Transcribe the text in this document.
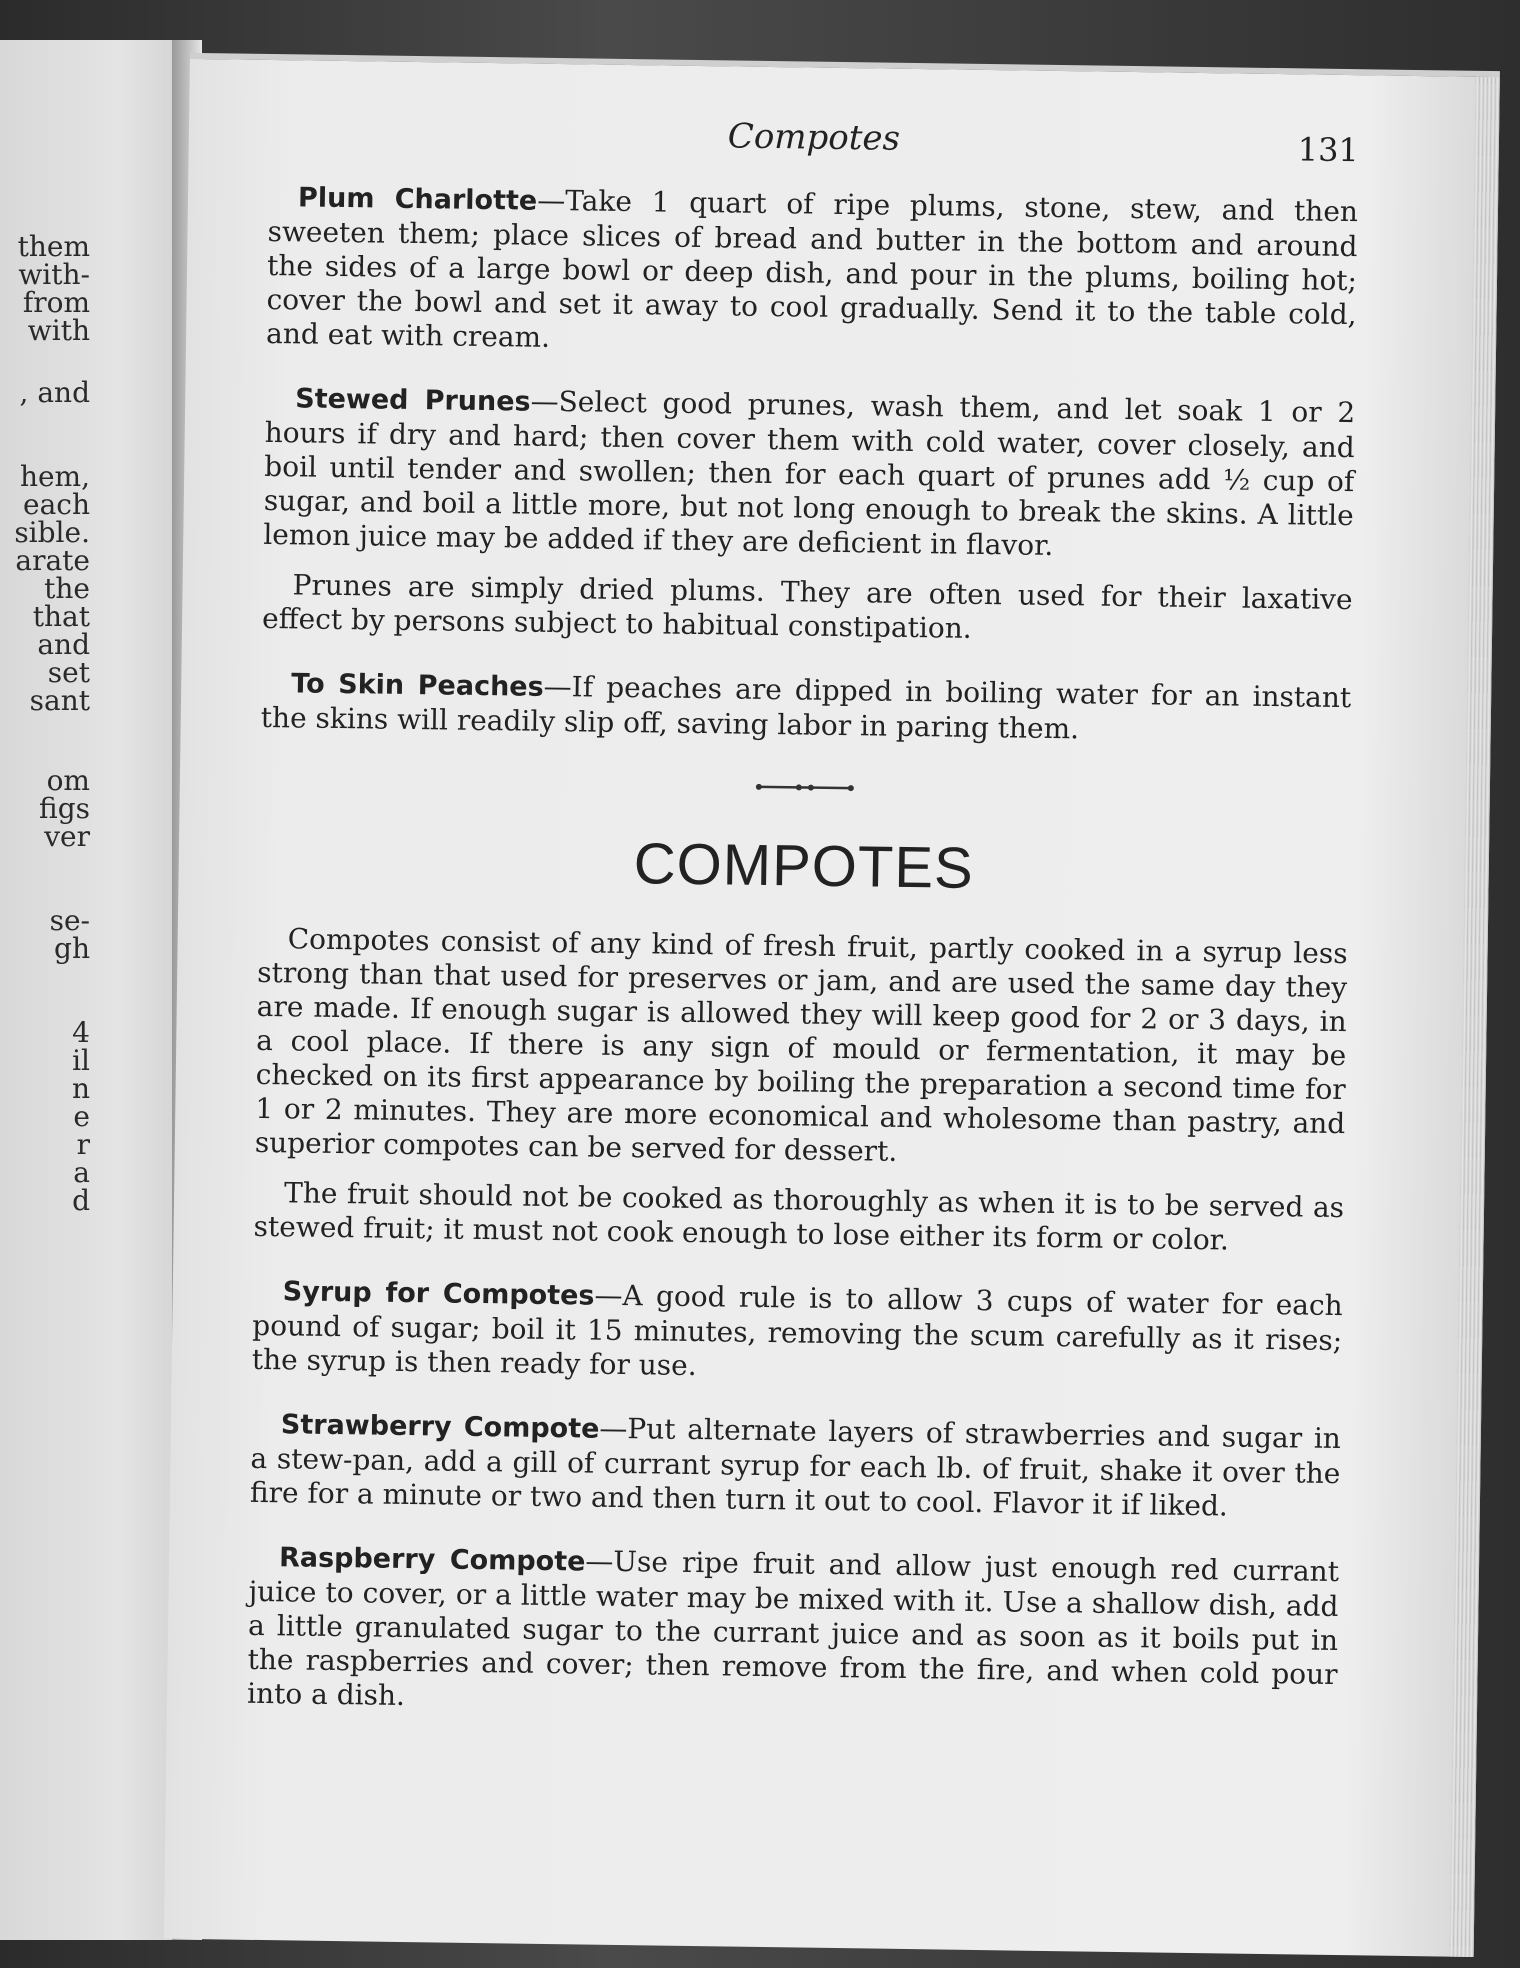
them
with-
from
with
, and
hem,
each
sible.
arate
the
that
and
set
sant
om
figs
ver
se-
gh
4
il
n
e
r
a
d
Compotes	131

Plum Charlotte—Take 1 quart of ripe plums, stone, stew, and then sweeten them; place slices of bread and butter in the bottom and around the sides of a large bowl or deep dish, and pour in the plums, boiling hot; cover the bowl and set it away to cool gradually. Send it to the table cold, and eat with cream.

Stewed Prunes—Select good prunes, wash them, and let soak 1 or 2 hours if dry and hard; then cover them with cold water, cover closely, and boil until tender and swollen; then for each quart of prunes add ½ cup of sugar, and boil a little more, but not long enough to break the skins. A little lemon juice may be added if they are deficient in flavor.

Prunes are simply dried plums. They are often used for their laxative effect by persons subject to habitual constipation.

To Skin Peaches—If peaches are dipped in boiling water for an instant the skins will readily slip off, saving labor in paring them.

COMPOTES

Compotes consist of any kind of fresh fruit, partly cooked in a syrup less strong than that used for preserves or jam, and are used the same day they are made. If enough sugar is allowed they will keep good for 2 or 3 days, in a cool place. If there is any sign of mould or fermentation, it may be checked on its first appearance by boiling the preparation a second time for 1 or 2 minutes. They are more economical and wholesome than pastry, and superior compotes can be served for dessert.

The fruit should not be cooked as thoroughly as when it is to be served as stewed fruit; it must not cook enough to lose either its form or color.

Syrup for Compotes—A good rule is to allow 3 cups of water for each pound of sugar; boil it 15 minutes, removing the scum carefully as it rises; the syrup is then ready for use.

Strawberry Compote—Put alternate layers of strawberries and sugar in a stew-pan, add a gill of currant syrup for each lb. of fruit, shake it over the fire for a minute or two and then turn it out to cool. Flavor it if liked.

Raspberry Compote—Use ripe fruit and allow just enough red currant juice to cover, or a little water may be mixed with it. Use a shallow dish, add a little granulated sugar to the currant juice and as soon as it boils put in the raspberries and cover; then remove from the fire, and when cold pour into a dish.
